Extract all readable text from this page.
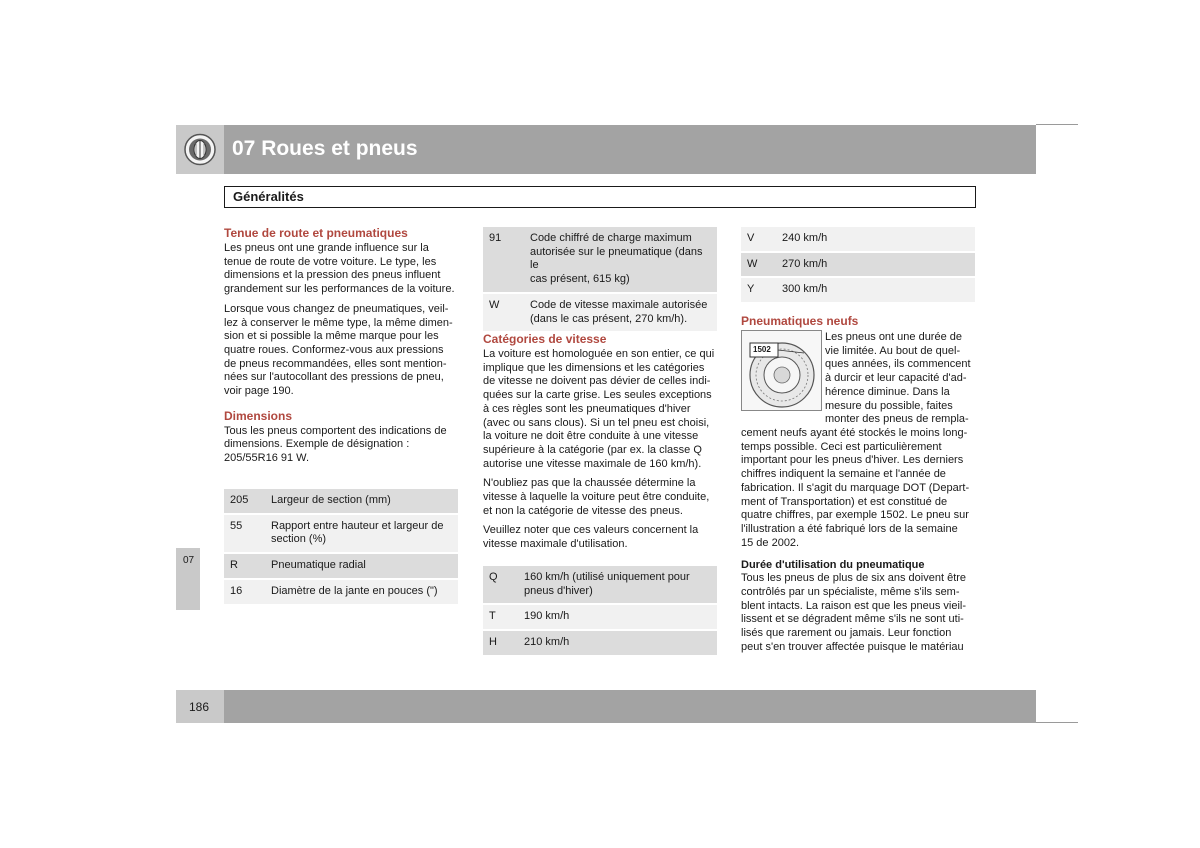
07 Roues et pneus
Généralités
07
186
Tenue de route et pneumatiques

Les pneus ont une grande influence sur la
tenue de route de votre voiture. Le type, les
dimensions et la pression des pneus influent
grandement sur les performances de la voiture.

Lorsque vous changez de pneumatiques, veil-
lez à conserver le même type, la même dimen-
sion et si possible la même marque pour les
quatre roues. Conformez-vous aux pressions
de pneus recommandées, elles sont mention-
nées sur l'autocollant des pressions de pneu,
voir page 190.

Dimensions

Tous les pneus comportent des indications de
dimensions. Exemple de désignation :
205/55R16 91 W.

205	Largeur de section (mm)
55	Rapport entre hauteur et largeur de
section (%)
R	Pneumatique radial
16	Diamètre de la jante en pouces (")
91	Code chiffré de charge maximum
autorisée sur le pneumatique (dans le
cas présent, 615 kg)
W	Code de vitesse maximale autorisée
(dans le cas présent, 270 km/h).
Catégories de vitesse

La voiture est homologuée en son entier, ce qui
implique que les dimensions et les catégories
de vitesse ne doivent pas dévier de celles indi-
quées sur la carte grise. Les seules exceptions
à ces règles sont les pneumatiques d'hiver
(avec ou sans clous). Si un tel pneu est choisi,
la voiture ne doit être conduite à une vitesse
supérieure à la catégorie (par ex. la classe Q
autorise une vitesse maximale de 160 km/h).

N'oubliez pas que la chaussée détermine la
vitesse à laquelle la voiture peut être conduite,
et non la catégorie de vitesse des pneus.

Veuillez noter que ces valeurs concernent la
vitesse maximale d'utilisation.

Q	160 km/h (utilisé uniquement pour
pneus d'hiver)
T	190 km/h
H	210 km/h
V	240 km/h
W	270 km/h
Y	300 km/h
Pneumatiques neufs
1502

Les pneus ont une durée de
vie limitée. Au bout de quel-
ques années, ils commencent
à durcir et leur capacité d'ad-
hérence diminue. Dans la
mesure du possible, faites
monter des pneus de rempla-

cement neufs ayant été stockés le moins long-
temps possible. Ceci est particulièrement
important pour les pneus d'hiver. Les derniers
chiffres indiquent la semaine et l'année de
fabrication. Il s'agit du marquage DOT (Depart-
ment of Transportation) et est constitué de
quatre chiffres, par exemple 1502. Le pneu sur
l'illustration a été fabriqué lors de la semaine
15 de 2002.

Durée d'utilisation du pneumatique

Tous les pneus de plus de six ans doivent être
contrôlés par un spécialiste, même s'ils sem-
blent intacts. La raison est que les pneus vieil-
lissent et se dégradent même s'ils ne sont uti-
lisés que rarement ou jamais. Leur fonction
peut s'en trouver affectée puisque le matériau
